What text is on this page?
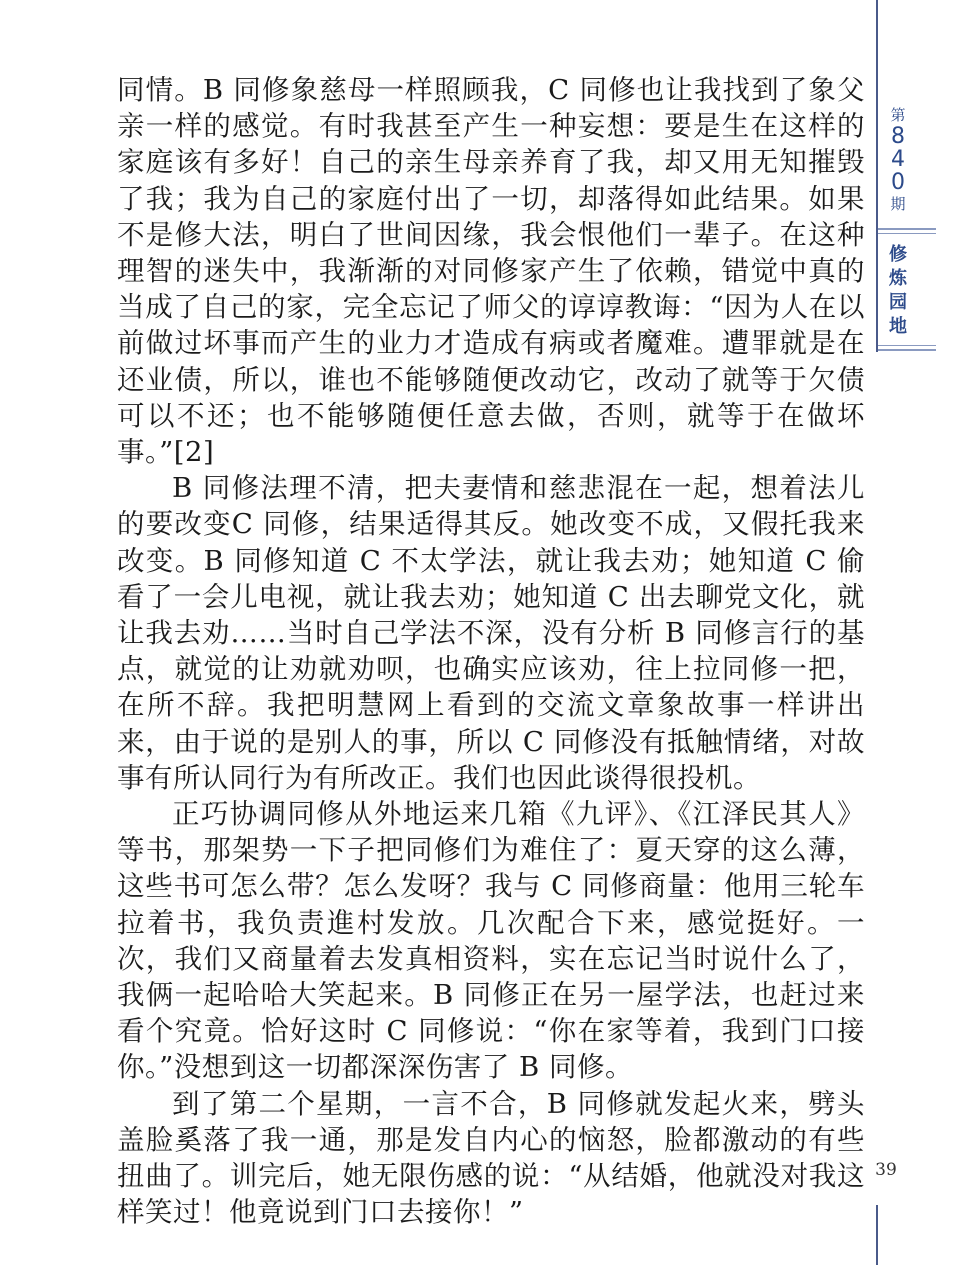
同情。B 同修象慈母一样照顾我，C 同修也让我找到了象父亲一样的感觉。有时我甚至产生一种妄想：要是生在这样的家庭该有多好！自己的亲生母亲养育了我，却又用无知摧毁了我；我为自己的家庭付出了一切，却落得如此结果。如果不是修大法，明白了世间因缘，我会恨他们一辈子。在这种理智的迷失中，我渐渐的对同修家产生了依赖，错觉中真的当成了自己的家，完全忘记了师父的谆谆教诲：“因为人在以前做过坏事而产生的业力才造成有病或者魔难。遭罪就是在还业债，所以，谁也不能够随便改动它，改动了就等于欠债可以不还；也不能够随便任意去做，否则，就等于在做坏事。”[2]

B 同修法理不清，把夫妻情和慈悲混在一起，想着法儿的要改变C 同修，结果适得其反。她改变不成，又假托我来改变。B 同修知道 C 不太学法，就让我去劝；她知道 C 偷看了一会儿电视，就让我去劝；她知道 C 出去聊党文化，就让我去劝……当时自己学法不深，没有分析 B 同修言行的基点，就觉的让劝就劝呗，也确实应该劝，往上拉同修一把，在所不辞。我把明慧网上看到的交流文章象故事一样讲出来，由于说的是别人的事，所以 C 同修没有抵触情绪，对故事有所认同行为有所改正。我们也因此谈得很投机。

正巧协调同修从外地运来几箱《九评》、《江泽民其人》等书，那架势一下子把同修们为难住了：夏天穿的这么薄，这些书可怎么带？怎么发呀？我与 C 同修商量：他用三轮车拉着书，我负责進村发放。几次配合下来，感觉挺好。一次，我们又商量着去发真相资料，实在忘记当时说什么了，我俩一起哈哈大笑起来。B 同修正在另一屋学法，也赶过来看个究竟。恰好这时 C 同修说：“你在家等着，我到门口接你。”没想到这一切都深深伤害了 B 同修。

到了第二个星期，一言不合，B 同修就发起火来，劈头盖脸奚落了我一通，那是发自内心的恼怒，脸都激动的有些扭曲了。训完后，她无限伤感的说：“从结婚，他就没对我这样笑过！他竟说到门口去接你！”

第
8
4
0
期
修
炼
园
地
39
